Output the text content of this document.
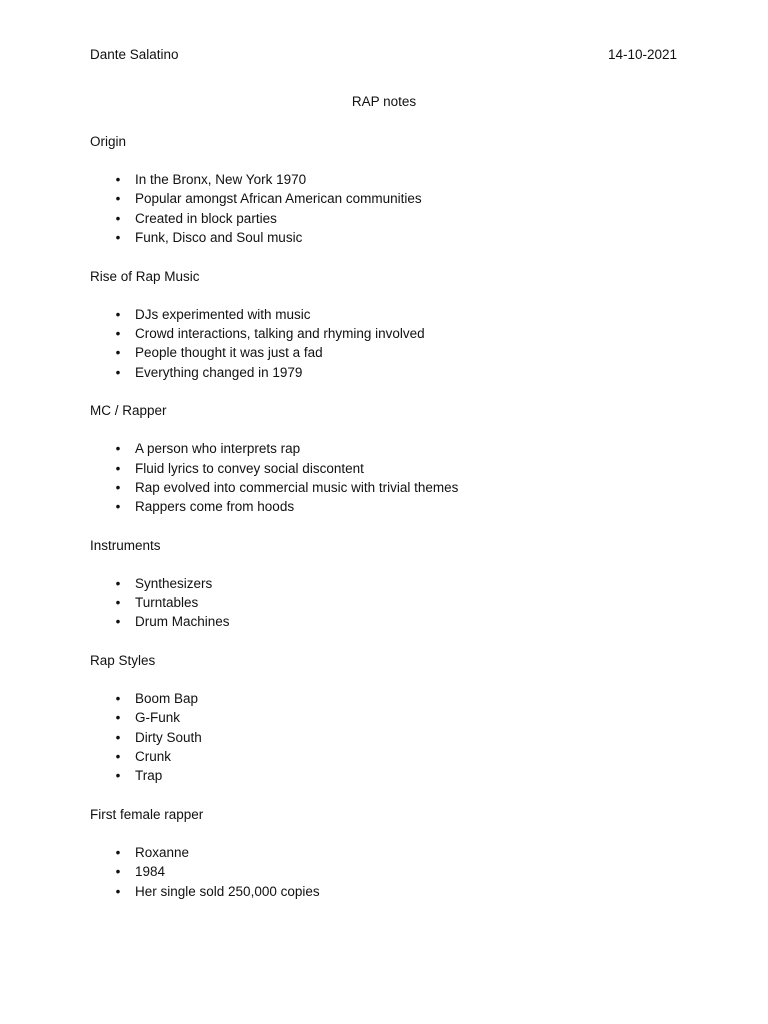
Dante Salatino	14-10-2021
RAP notes
Origin
• In the Bronx, New York 1970
• Popular amongst African American communities
• Created in block parties
• Funk, Disco and Soul music
Rise of Rap Music
• DJs experimented with music
• Crowd interactions, talking and rhyming involved
• People thought it was just a fad
• Everything changed in 1979
MC / Rapper
• A person who interprets rap
• Fluid lyrics to convey social discontent
• Rap evolved into commercial music with trivial themes
• Rappers come from hoods
Instruments
• Synthesizers
• Turntables
• Drum Machines
Rap Styles
• Boom Bap
• G-Funk
• Dirty South
• Crunk
• Trap
First female rapper
• Roxanne
• 1984
• Her single sold 250,000 copies
